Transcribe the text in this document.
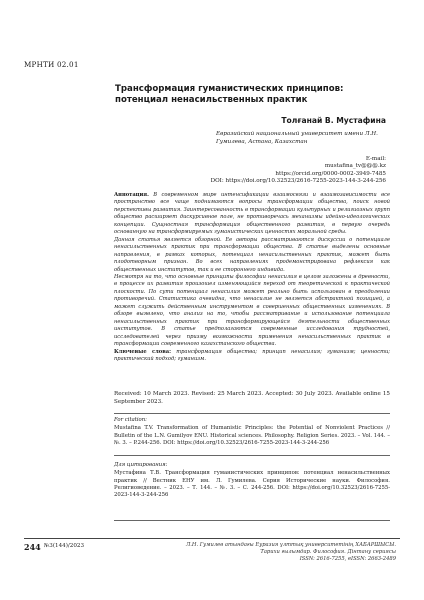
МРНТИ 02.01
Трансформация гуманистических принципов: потенциал ненасильственных практик
Толғанай В. Мустафина
Евразийский национальный университет имени Л.Н. Гумилева, Астана, Казахстан
E-mail:
mustafina_tv@@@.kz
https://orcid.org/0000-0002-3949-7485
DOI: https://doi.org/10.32523/2616-7255-2023-144-3-244-256

Аннотация. В современном мире интенсификации взаимосвязи и взаимозависимости все пространство все чаще поднимаются вопросы трансформации общества, поиск новой перспективы развития. Заинтересованность в трансформации культурных и религиозных групп общество расширяет дискурсивное поле, не противоречась механизмы идейно-идеологических концепции. Сущностная трансформация общественного развития, в первую очередь основанную на трансформируемых гуманистических ценностях моральной среды.

Данная статья является обзорной. Ее авторы рассматриваются дискуссии о потенциале ненасильственных практик при трансформации общества. В статье выделены основные направления, в рамках которых, потенциал ненасильственных практик, может быть плодотворным признан. Во всех направлениях продемонстрирована рефлексия как общественных институтов, так и ее стороннего индивида.

Несмотря на то, что основные принципы философии ненасилия в целом заложены в древности, в процессе их развития произошел изменяющийся переход от теоретической к практической плоскости. По сути потенциал ненасилия может реально быть использован в преодолении противоречий. Статистика очевидна, что ненасилие не является абстрактной позицией, а может служить действенным инструментом в совершенных общественных изменениях. В обзоре выявлено, что анализ на то, чтобы рассматривание и использование потенциала ненасильственных практик при трансформирующейся деятельности общественных институтов. В статье предполагаются современные исследования трудностей, исследователей через призму возможности применения ненасильственных практик в трансформации современного казахстанского общества.

Ключевые слова: трансформация общества; принцип ненасилия; гуманизм; ценности; практический подход; гуманизм.

Received: 10 March 2023. Revised: 25 March 2023. Accepted: 30 July 2023. Available online 15 September 2023.
For citation:

Mustafina T.V. Transformation of Humanistic Principles: the Potential of Nonviolent Practices // Bulletin of the L.N. Gumilyov ENU. Historical sciences. Philosophy. Religion Series. 2023. – Vol. 144. – №. 3. – P.244-256. DOI: https://doi.org/10.32523/2616-7255-2023-144-3-244-256

Для цитирования:

Мустафина Т.В. Трансформация гуманистических принципов: потенциал ненасильственных практик // Вестник ЕНУ им. Л. Гумилева. Серия Исторические науки. Философия. Религиоведение. – 2023. – Т. 144. – №. 3. – С. 244-256. DOI: https://doi.org/10.32523/2616-7255-2023-144-3-244-256

244 №3(144)/2023	Л.Н. Гумилев атындағы Еуразия ұлттық университетінің ХАБАРШЫСЫ.
Тарихи ғылымдар. Философия. Дінтану сериясы
ISSN: 2616-7255, eISSN: 2663-2489
